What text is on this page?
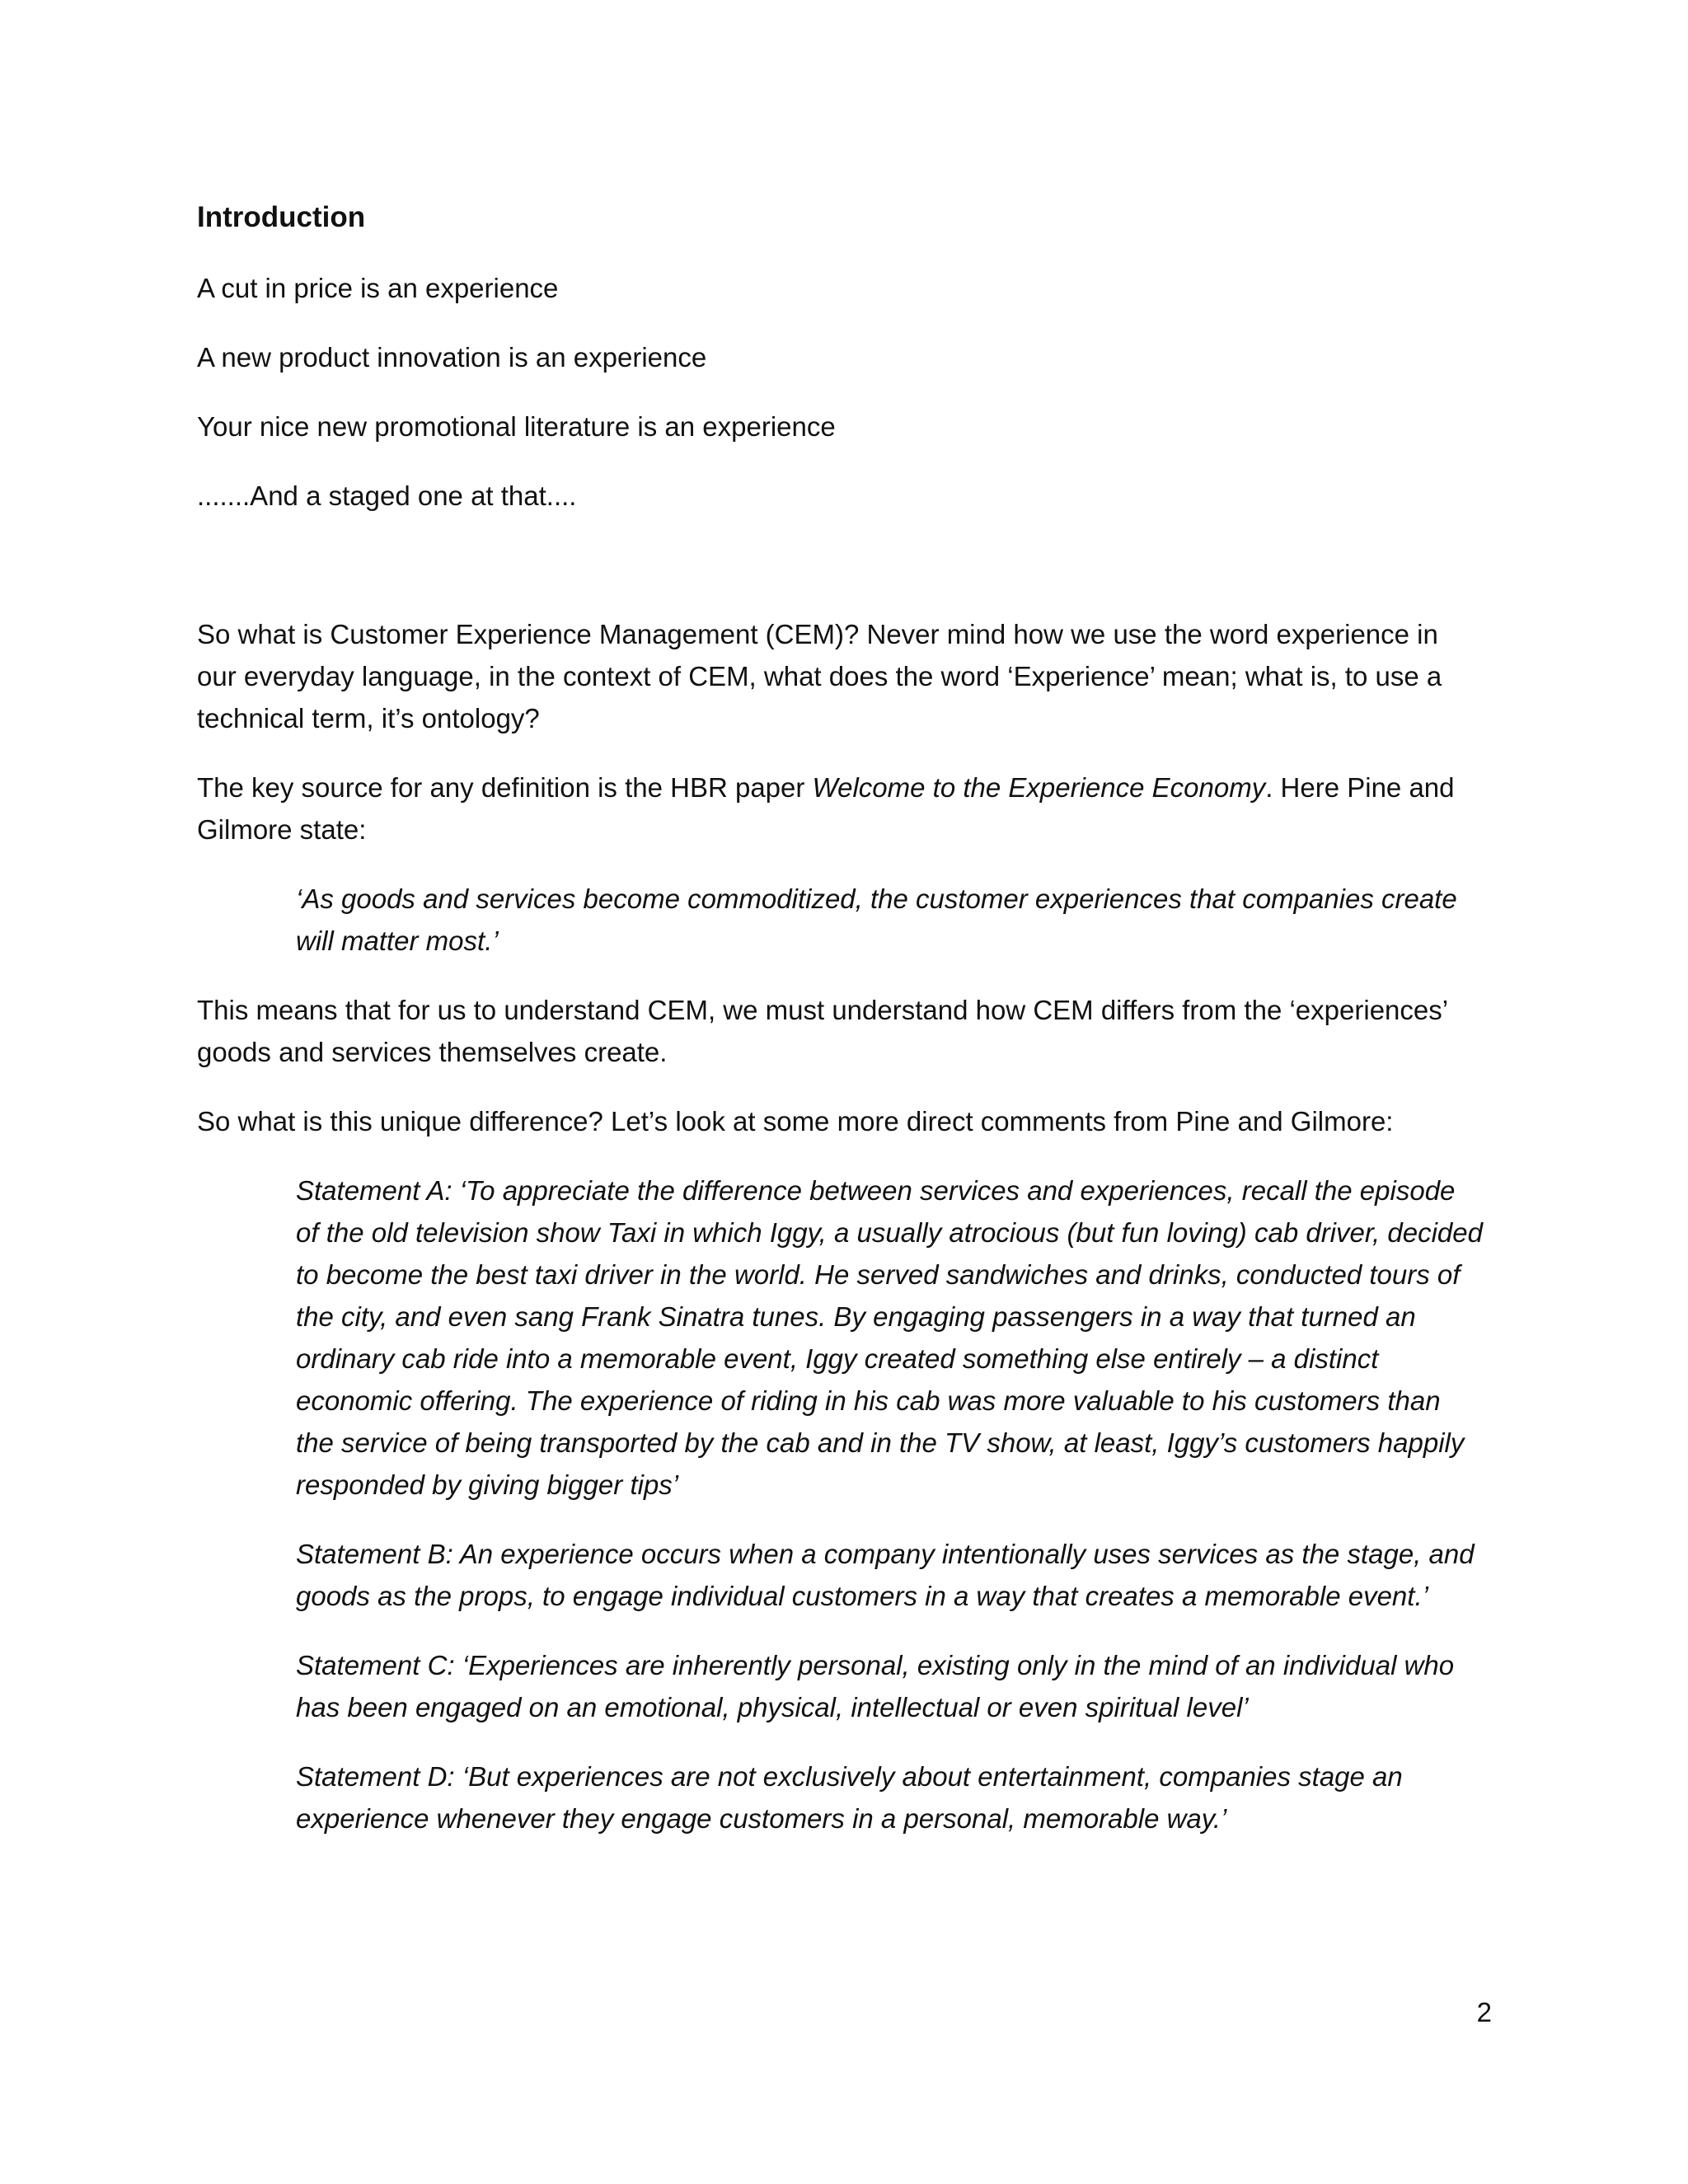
Introduction
A cut in price is an experience
A new product innovation is an experience
Your nice new promotional literature is an experience
.......And a staged one at that....

So what is Customer Experience Management (CEM)? Never mind how we use the word experience in our everyday language, in the context of CEM, what does the word ‘Experience’ mean; what is, to use a technical term, it’s ontology?

The key source for any definition is the HBR paper Welcome to the Experience Economy. Here Pine and Gilmore state:

‘As goods and services become commoditized, the customer experiences that companies create will matter most.’

This means that for us to understand CEM, we must understand how CEM differs from the ‘experiences’ goods and services themselves create.

So what is this unique difference? Let’s look at some more direct comments from Pine and Gilmore:

Statement A: ‘To appreciate the difference between services and experiences, recall the episode of the old television show Taxi in which Iggy, a usually atrocious (but fun loving) cab driver, decided to become the best taxi driver in the world. He served sandwiches and drinks, conducted tours of the city, and even sang Frank Sinatra tunes. By engaging passengers in a way that turned an ordinary cab ride into a memorable event, Iggy created something else entirely – a distinct economic offering. The experience of riding in his cab was more valuable to his customers than the service of being transported by the cab and in the TV show, at least, Iggy’s customers happily responded by giving bigger tips’

Statement B: An experience occurs when a company intentionally uses services as the stage, and goods as the props, to engage individual customers in a way that creates a memorable event.’

Statement C: ‘Experiences are inherently personal, existing only in the mind of an individual who has been engaged on an emotional, physical, intellectual or even spiritual level’

Statement D: ‘But experiences are not exclusively about entertainment, companies stage an experience whenever they engage customers in a personal, memorable way.’

2
